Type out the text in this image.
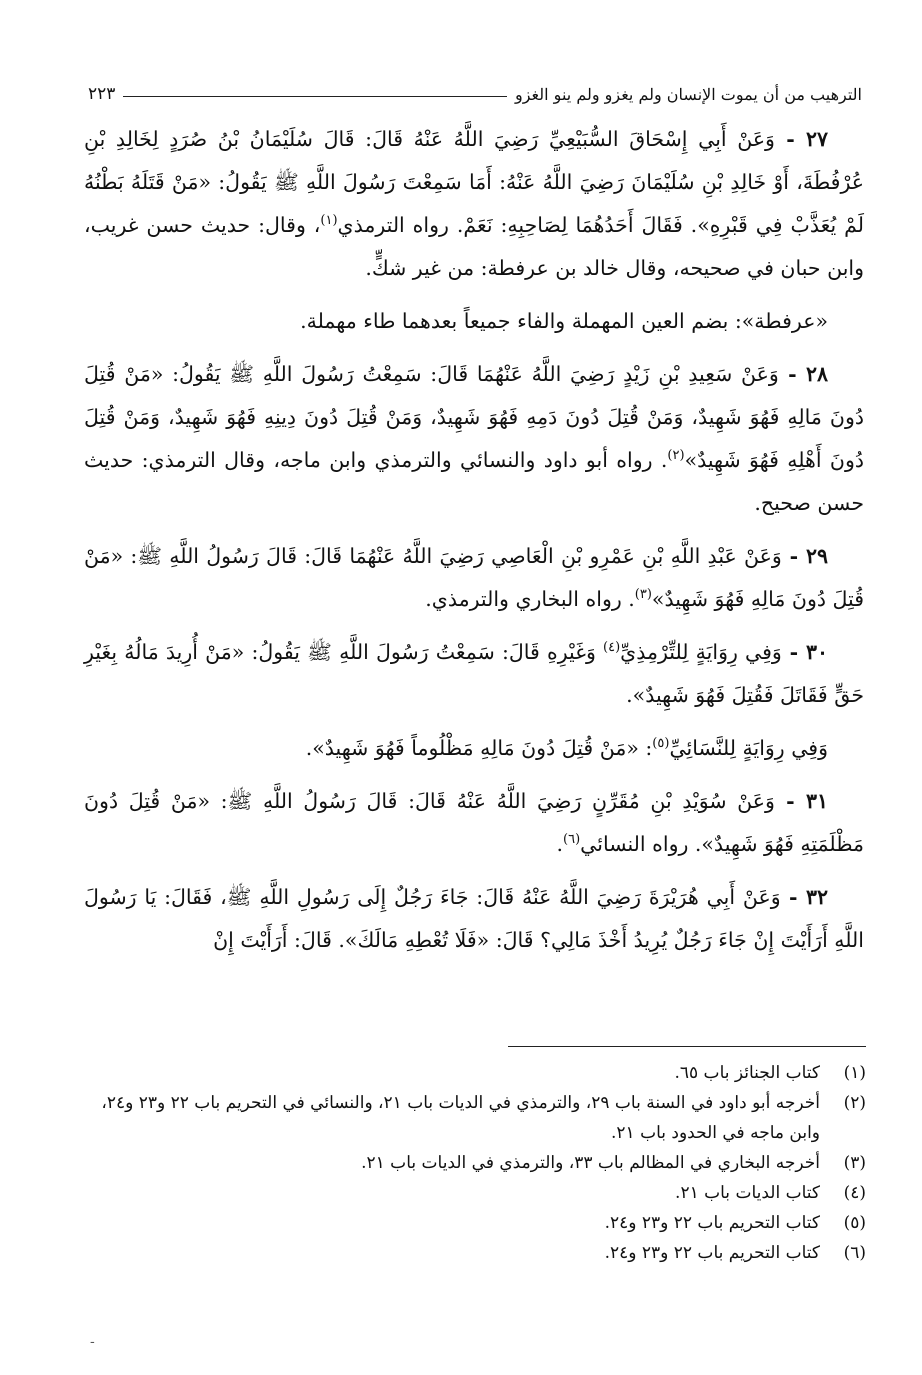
الترهيب من أن يموت الإنسان ولم يغزو ولم ينو الغزو
٢٢٣

٢٧ - وَعَنْ أَبِي إِسْحَاقَ السُّبَيْعِيِّ رَضِيَ اللَّهُ عَنْهُ قَالَ: قَالَ سُلَيْمَانُ بْنُ صُرَدٍ لِخَالِدِ بْنِ عُرْفُطَةَ، أَوْ خَالِدِ بْنِ سُلَيْمَانَ رَضِيَ اللَّهُ عَنْهُ: أَمَا سَمِعْتَ رَسُولَ اللَّهِ ﷺ يَقُولُ: «مَنْ قَتَلَهُ بَطْنُهُ لَمْ يُعَذَّبْ فِي قَبْرِهِ». فَقَالَ أَحَدُهُمَا لِصَاحِبِهِ: نَعَمْ. رواه الترمذي$^{(١)}$، وقال: حديث حسن غريب، وابن حبان في صحيحه، وقال خالد بن عرفطة: من غير شكٍّ.

«عرفطة»: بضم العين المهملة والفاء جميعاً بعدهما طاء مهملة.

٢٨ - وَعَنْ سَعِيدِ بْنِ زَيْدٍ رَضِيَ اللَّهُ عَنْهُمَا قَالَ: سَمِعْتُ رَسُولَ اللَّهِ ﷺ يَقُولُ: «مَنْ قُتِلَ دُونَ مَالِهِ فَهُوَ شَهِيدٌ، وَمَنْ قُتِلَ دُونَ دَمِهِ فَهُوَ شَهِيدٌ، وَمَنْ قُتِلَ دُونَ دِينِهِ فَهُوَ شَهِيدٌ، وَمَنْ قُتِلَ دُونَ أَهْلِهِ فَهُوَ شَهِيدٌ»$^{(٢)}$. رواه أبو داود والنسائي والترمذي وابن ماجه، وقال الترمذي: حديث حسن صحيح.

٢٩ - وَعَنْ عَبْدِ اللَّهِ بْنِ عَمْرِو بْنِ الْعَاصِي رَضِيَ اللَّهُ عَنْهُمَا قَالَ: قَالَ رَسُولُ اللَّهِ ﷺ: «مَنْ قُتِلَ دُونَ مَالِهِ فَهُوَ شَهِيدٌ»$^{(٣)}$. رواه البخاري والترمذي.

٣٠ - وَفِي رِوَايَةٍ لِلتِّرْمِذِيِّ$^{(٤)}$ وَغَيْرِهِ قَالَ: سَمِعْتُ رَسُولَ اللَّهِ ﷺ يَقُولُ: «مَنْ أُرِيدَ مَالُهُ بِغَيْرِ حَقٍّ فَقَاتَلَ فَقُتِلَ فَهُوَ شَهِيدٌ».

وَفِي رِوَايَةٍ لِلنَّسَائِيِّ$^{(٥)}$: «مَنْ قُتِلَ دُونَ مَالِهِ مَظْلُوماً فَهُوَ شَهِيدٌ».

٣١ - وَعَنْ سُوَيْدِ بْنِ مُقَرِّنٍ رَضِيَ اللَّهُ عَنْهُ قَالَ: قَالَ رَسُولُ اللَّهِ ﷺ: «مَنْ قُتِلَ دُونَ مَظْلَمَتِهِ فَهُوَ شَهِيدٌ». رواه النسائي$^{(٦)}$.

٣٢ - وَعَنْ أَبِي هُرَيْرَةَ رَضِيَ اللَّهُ عَنْهُ قَالَ: جَاءَ رَجُلٌ إِلَى رَسُولِ اللَّهِ ﷺ، فَقَالَ: يَا رَسُولَ اللَّهِ أَرَأَيْتَ إِنْ جَاءَ رَجُلٌ يُرِيدُ أَخْذَ مَالِي؟ قَالَ: «فَلَا تُعْطِهِ مَالَكَ». قَالَ: أَرَأَيْتَ إِنْ

(١)
كتاب الجنائز باب ٦٥.
(٢)
أخرجه أبو داود في السنة باب ٢٩، والترمذي في الديات باب ٢١، والنسائي في التحريم باب ٢٢ و٢٣ و٢٤، وابن ماجه في الحدود باب ٢١.
(٣)
أخرجه البخاري في المظالم باب ٣٣، والترمذي في الديات باب ٢١.
(٤)
كتاب الديات باب ٢١.
(٥)
كتاب التحريم باب ٢٢ و٢٣ و٢٤.
(٦)
كتاب التحريم باب ٢٢ و٢٣ و٢٤.
-
